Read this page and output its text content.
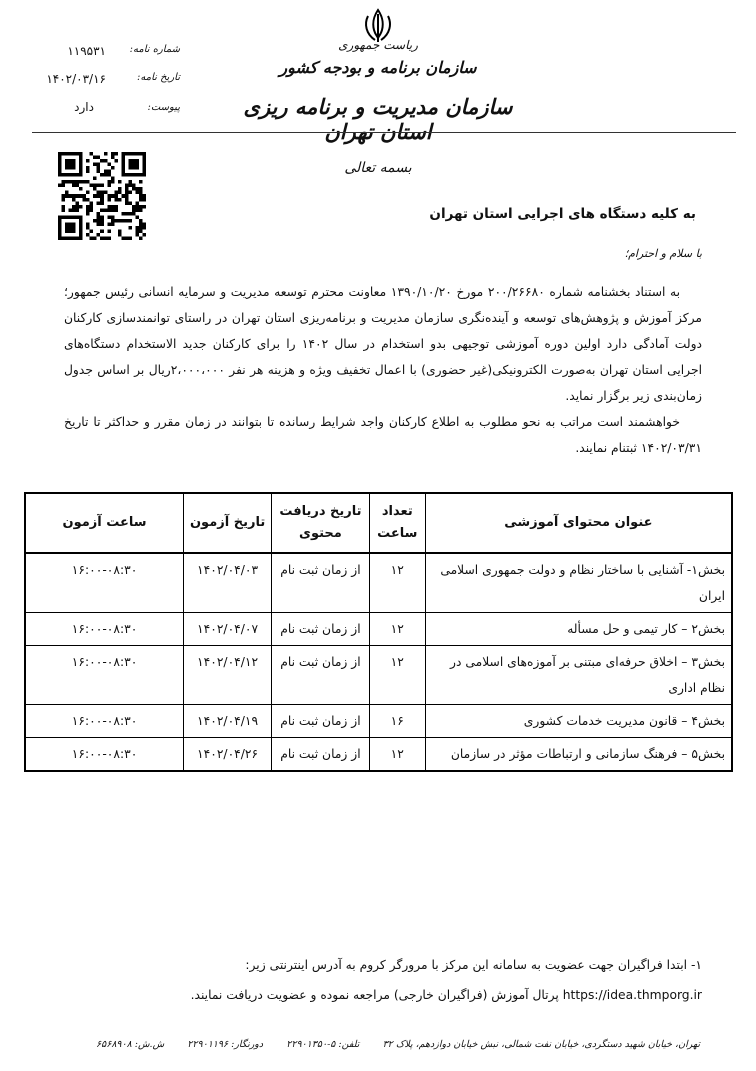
ریاست جمهوری
سازمان برنامه و بودجه کشور
سازمان مدیریت و برنامه ریزی استان تهران
شماره نامه:
۱۱۹۵۳۱
تاریخ نامه:
۱۴۰۲/۰۳/۱۶
پیوست:
دارد
بسمه تعالی
به کلیه دستگاه های اجرایی استان تهران
با سلام و احترام؛

به استناد بخشنامه شماره ۲۰۰/۲۶۶۸۰ مورخ ۱۳۹۰/۱۰/۲۰ معاونت محترم توسعه مدیریت و سرمایه انسانی رئیس جمهور؛ مرکز آموزش و پژوهش‌های توسعه و آینده‌نگری سازمان مدیریت و برنامه‌ریزی استان تهران در راستای توانمندسازی کارکنان دولت آمادگی دارد اولین دوره آموزشی توجیهی بدو استخدام در سال ۱۴۰۲ را برای کارکنان جدید الاستخدام دستگاه‌های اجرایی استان تهران به‌صورت الکترونیکی(غیر حضوری) با اعمال تخفیف ویژه و هزینه هر نفر ۲،۰۰۰،۰۰۰ریال بر اساس جدول زمان‌بندی زیر برگزار نماید.

خواهشمند است مراتب به نحو مطلوب به اطلاع کارکنان واجد شرایط رسانده تا بتوانند در زمان مقرر و حداکثر تا تاریخ ۱۴۰۲/۰۳/۳۱ ثبتنام نمایند.

عنوان محتوای آموزشی	تعداد ساعت	تاریخ دریافت محتوی	تاریخ آزمون	ساعت آزمون
بخش۱- آشنایی با ساختار نظام و دولت جمهوری اسلامی ایران	۱۲	از زمان ثبت نام	۱۴۰۲/۰۴/۰۳	۱۶:۰۰-۰۸:۳۰
بخش۲ – کار تیمی و حل مسأله	۱۲	از زمان ثبت نام	۱۴۰۲/۰۴/۰۷	۱۶:۰۰-۰۸:۳۰
بخش۳ – اخلاق حرفه‌ای مبتنی بر آموزه‌های اسلامی در نظام اداری	۱۲	از زمان ثبت نام	۱۴۰۲/۰۴/۱۲	۱۶:۰۰-۰۸:۳۰
بخش۴ – قانون مدیریت خدمات کشوری	۱۶	از زمان ثبت نام	۱۴۰۲/۰۴/۱۹	۱۶:۰۰-۰۸:۳۰
بخش۵ – فرهنگ سازمانی و ارتباطات مؤثر در سازمان	۱۲	از زمان ثبت نام	۱۴۰۲/۰۴/۲۶	۱۶:۰۰-۰۸:۳۰
۱- ابتدا فراگیران جهت عضویت به سامانه این مرکز با مرورگر کروم به آدرس اینترنتی زیر:
https://idea.thmporg.ir پرتال آموزش (فراگیران خارجی) مراجعه نموده و عضویت دریافت نمایند.
تهران، خیابان شهید دستگردی، خیابان نفت شمالی، نبش خیابان دوازدهم، پلاک ۳۲
تلفن: ۵-۲۲۹۰۱۳۵۰
دورنگار: ۲۲۹۰۱۱۹۶
ش.ش: ۶۵۶۸۹۰۸
